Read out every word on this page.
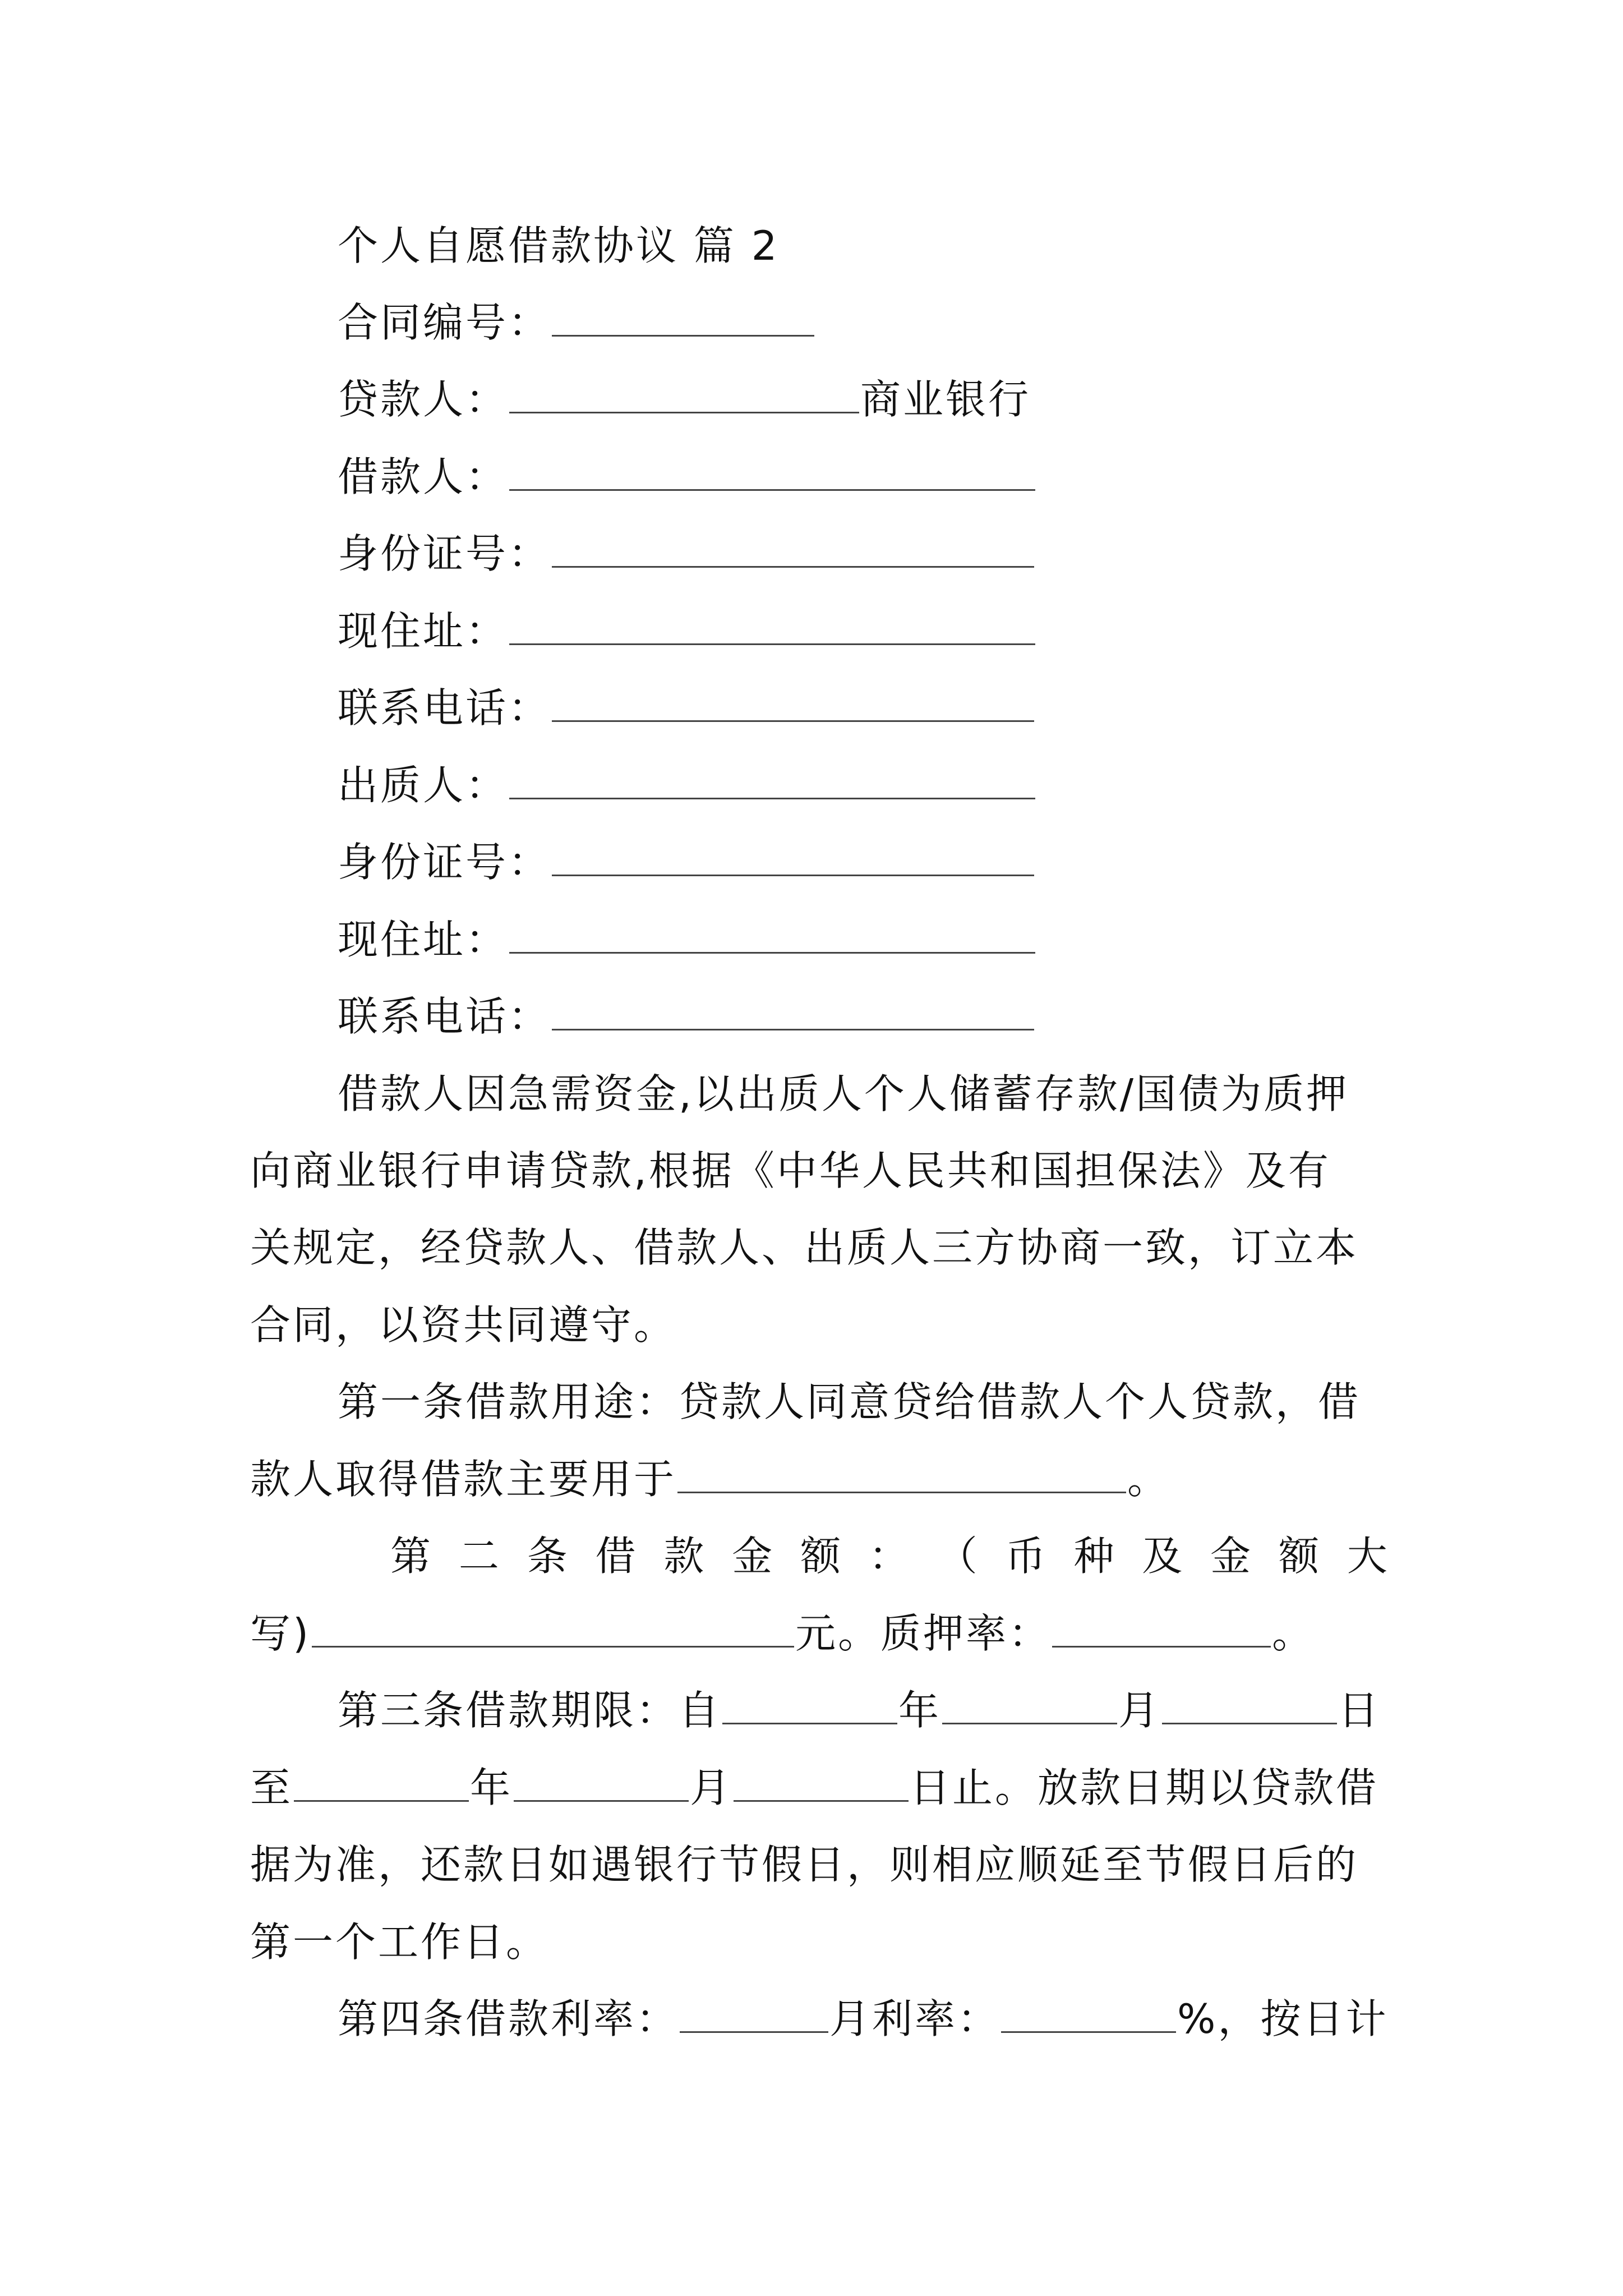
个人自愿借款协议 篇 2
合同编号：
贷款人：	商业银行
借款人：
身份证号：
现住址：
联系电话：
出质人：
身份证号：
现住址：
联系电话：
借款人因急需资金,以出质人个人储蓄存款/国债为质押
向商业银行申请贷款,根据《中华人民共和国担保法》及有
关规定，经贷款人、借款人、出质人三方协商一致，订立本
合同，以资共同遵守。
第一条借款用途：贷款人同意贷给借款人个人贷款，借
款人取得借款主要用于	。
第 二 条 借 款 金 额 ： （ 币 种 及 金 额 大
写)	元。质押率：	。
第三条借款期限：自	年	月	日
至	年	月	日止。放款日期以贷款借
据为准，还款日如遇银行节假日，则相应顺延至节假日后的
第一个工作日。
第四条借款利率：	月利率：	%，按日计
